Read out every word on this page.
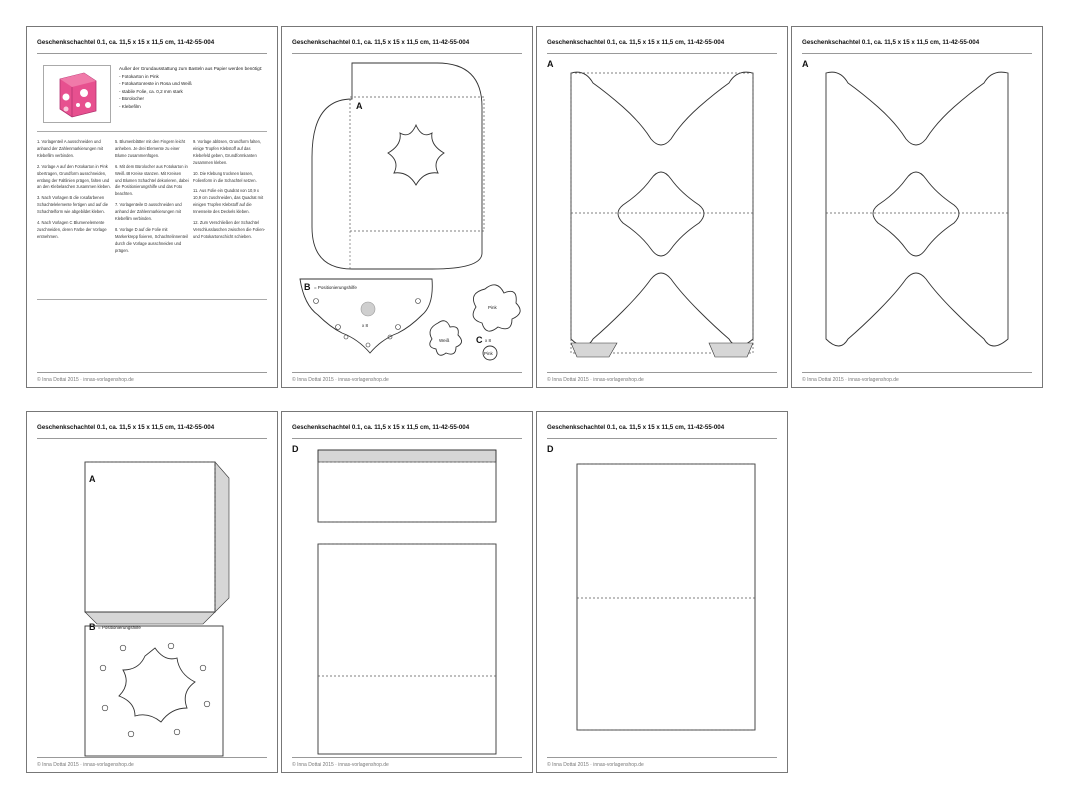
Geschenkschachtel 0.1, ca. 11,5 x 15 x 11,5 cm, 11-42-55-004
Außer der Grundausstattung zum Basteln aus Papier werden benötigt:
- Fotokarton in Pink
- Fotokartonreste in Rosa und Weiß
- stabile Folie, ca. 0,2 mm stark
- Bürolocher
- Klebefilm

1. Vorlagenteil A ausschneiden und anhand der Zahlenmarkierungen mit Klebefilm verbinden.

2. Vorlage A auf den Fotokarton in Pink übertragen, Grundform ausschneiden, entlang der Faltlinien prägen, falten und an den Klebelaschen zusammen kleben.

3. Nach Vorlagen B die rosafarbenen Schachtelelemente fertigen und auf die Schachtelform wie abgebildet kleben.

4. Nach Vorlagen C Blumenelemente zuschneiden, deren Farbe der Vorlage entnehmen.

5. Blumenblätter mit den Fingern leicht anheben. Je drei Elemente zu einer Blume zusammenfügen.

6. Mit dem Bürolocher aus Fotokarton in Weiß 48 Kreise stanzen. Mit Kreisen und Blumen Schachtel dekorieren, dabei die Positionierungshilfe und das Foto beachten.

7. Vorlagenteile D ausschneiden und anhand der Zahlenmarkierungen mit Klebefilm verbinden.

8. Vorlage D auf die Folie mit Markerkrepp fixieren, Schachtelinnenteil durch die Vorlage ausschneiden und prägen.

9. Vorlage ablösen, Grundform falten, einige Tropfen Klebstoff auf das Klebefeld geben, Grundformkanten zusammen kleben.

10. Die Klebung trocknen lassen, Folienform in die Schachtel setzen.

11. Aus Folie ein Quadrat von 10,9 x 10,9 cm zuschneiden, das Quadrat mit einigen Tropfen Klebstoff auf die Innenseite des Deckels kleben.

12. Zum Verschließen der Schachtel Verschlusslaschen zwischen die Folien- und Fotokartonschicht schieben.

© Inna Dottai 2015 · innas-vorlagenshop.de
Geschenkschachtel 0.1, ca. 11,5 x 15 x 11,5 cm, 11-42-55-004
A
B = Positionierungshilfe
x 8
C x 8
Pink
Weiß
Pink
© Inna Dottai 2015 · innas-vorlagenshop.de
Geschenkschachtel 0.1, ca. 11,5 x 15 x 11,5 cm, 11-42-55-004
A
© Inna Dottai 2015 · innas-vorlagenshop.de
Geschenkschachtel 0.1, ca. 11,5 x 15 x 11,5 cm, 11-42-55-004
A
© Inna Dottai 2015 · innas-vorlagenshop.de
Geschenkschachtel 0.1, ca. 11,5 x 15 x 11,5 cm, 11-42-55-004
A
B = Positionierungshilfe
© Inna Dottai 2015 · innas-vorlagenshop.de
Geschenkschachtel 0.1, ca. 11,5 x 15 x 11,5 cm, 11-42-55-004
D
© Inna Dottai 2015 · innas-vorlagenshop.de
Geschenkschachtel 0.1, ca. 11,5 x 15 x 11,5 cm, 11-42-55-004
D
© Inna Dottai 2015 · innas-vorlagenshop.de
